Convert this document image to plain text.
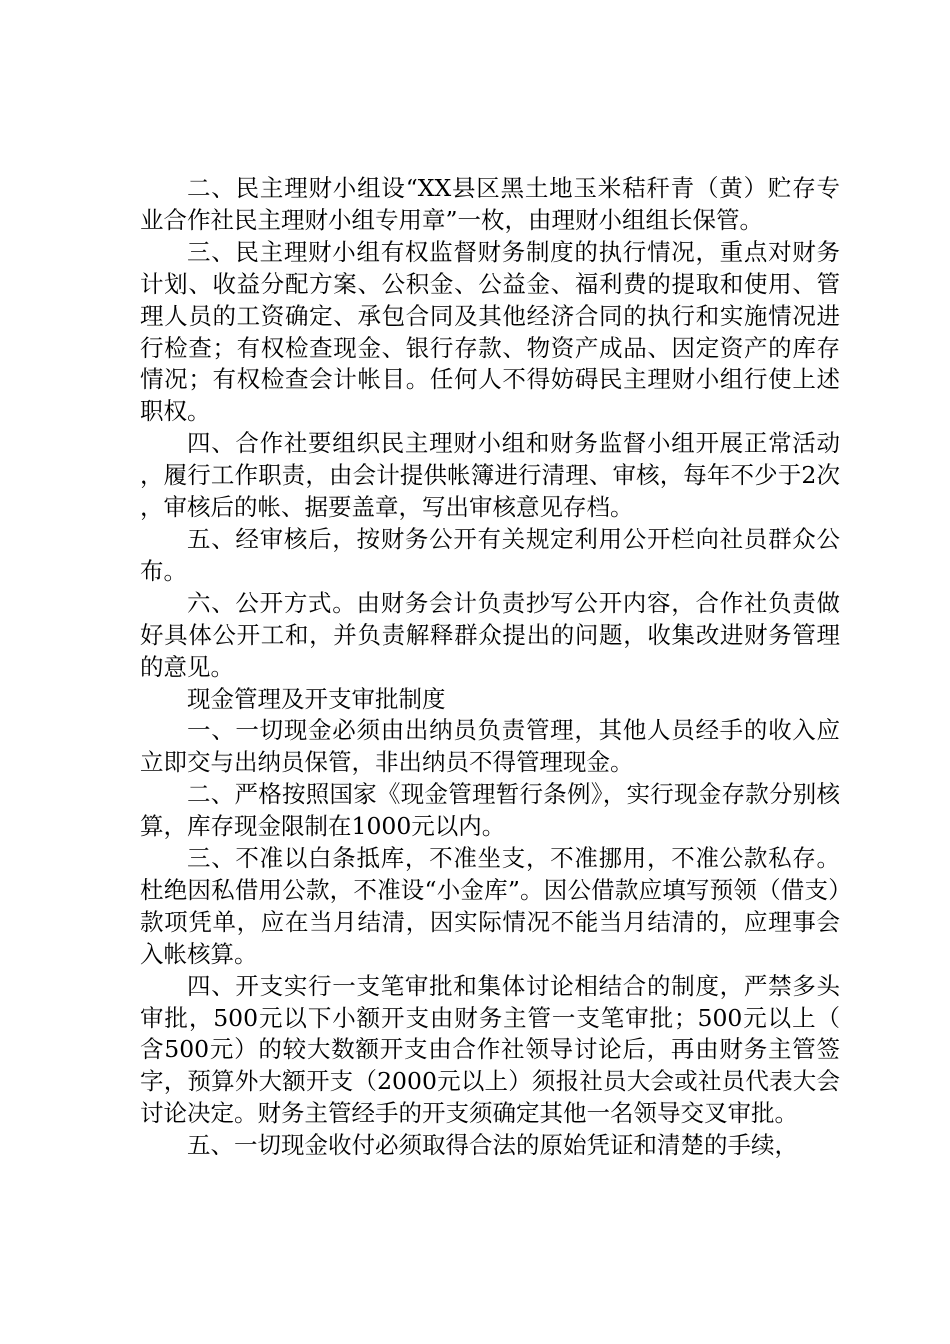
二、民主理财小组设“XX县区黑土地玉米秸秆青（黄）贮存专业合作社民主理财小组专用章”一枚，由理财小组组长保管。

三、民主理财小组有权监督财务制度的执行情况，重点对财务计划、收益分配方案、公积金、公益金、福利费的提取和使用、管理人员的工资确定、承包合同及其他经济合同的执行和实施情况进行检查；有权检查现金、银行存款、物资产成品、因定资产的库存情况；有权检查会计帐目。任何人不得妨碍民主理财小组行使上述职权。

四、合作社要组织民主理财小组和财务监督小组开展正常活动，履行工作职责，由会计提供帐簿进行清理、审核，每年不少于2次，审核后的帐、据要盖章，写出审核意见存档。

五、经审核后，按财务公开有关规定利用公开栏向社员群众公布。

六、公开方式。由财务会计负责抄写公开内容，合作社负责做好具体公开工和，并负责解释群众提出的问题，收集改进财务管理的意见。

现金管理及开支审批制度

一、一切现金必须由出纳员负责管理，其他人员经手的收入应立即交与出纳员保管，非出纳员不得管理现金。

二、严格按照国家《现金管理暂行条例》，实行现金存款分别核算，库存现金限制在1000元以内。

三、不准以白条抵库，不准坐支，不准挪用，不准公款私存。杜绝因私借用公款，不准设“小金库”。因公借款应填写预领（借支）款项凭单，应在当月结清，因实际情况不能当月结清的，应理事会入帐核算。

四、开支实行一支笔审批和集体讨论相结合的制度，严禁多头审批，500元以下小额开支由财务主管一支笔审批；500元以上（含500元）的较大数额开支由合作社领导讨论后，再由财务主管签字，预算外大额开支（2000元以上）须报社员大会或社员代表大会讨论决定。财务主管经手的开支须确定其他一名领导交叉审批。

五、一切现金收付必须取得合法的原始凭证和清楚的手续，
